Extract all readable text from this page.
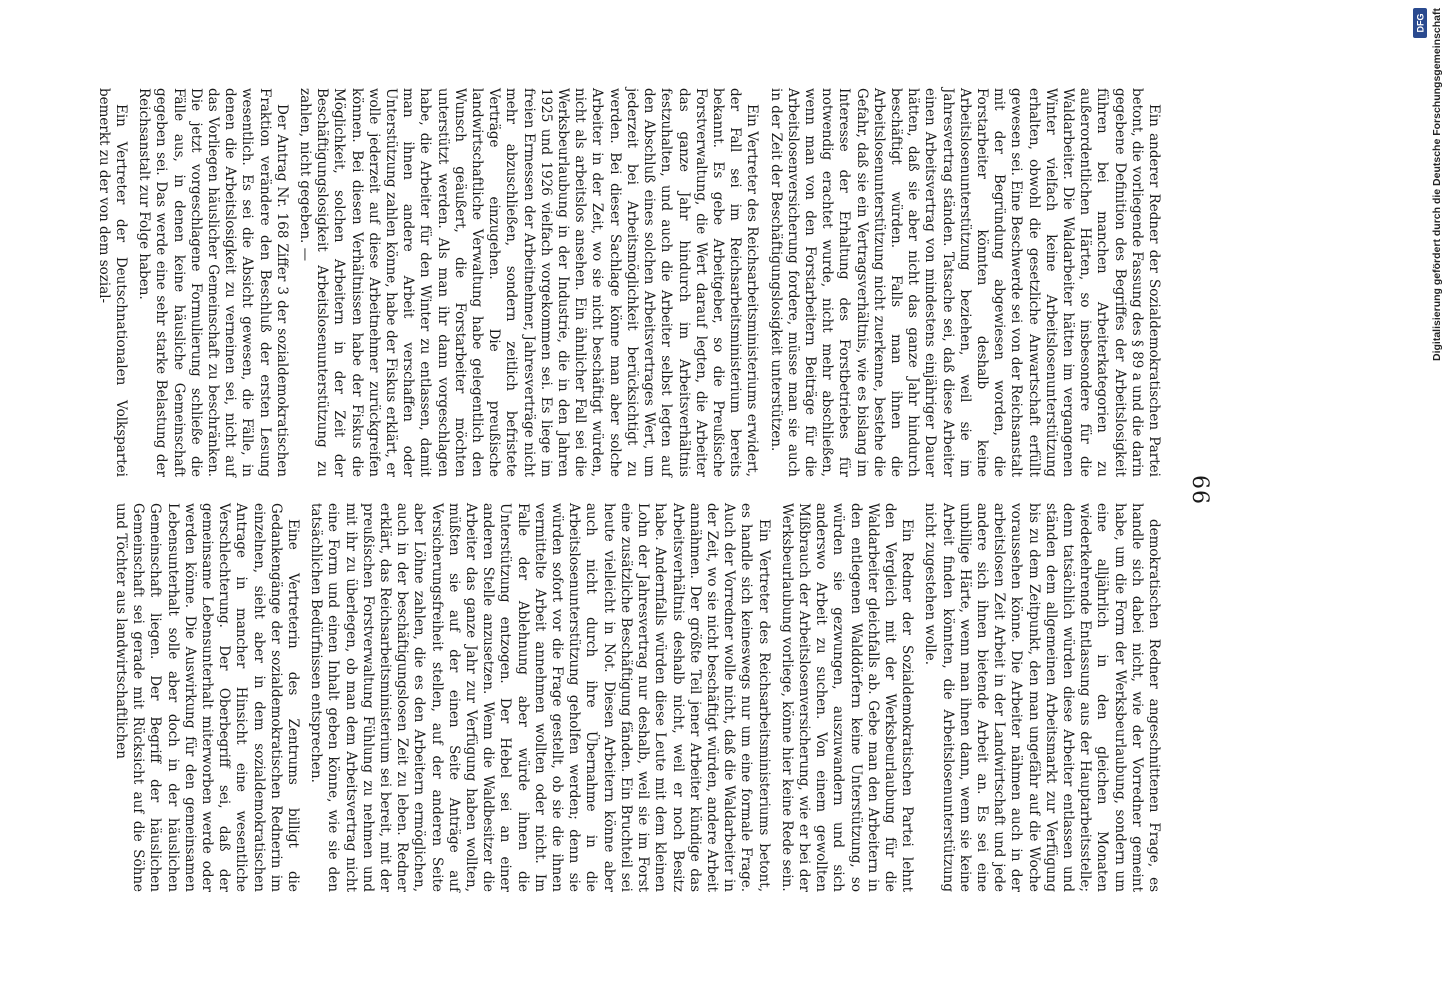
66

Ein anderer Redner der Sozialdemokratischen Partei betont, die vorliegende Fassung des § 89 a und die darin gegebene Definition des Begriffes der Arbeitslosigkeit führen bei manchen Arbeiterkategorien zu außerordentlichen Härten, so insbesondere für die Waldarbeiter. Die Waldarbeiter hätten im vergangenen Winter vielfach keine Arbeitslosenunterstützung erhalten, obwohl die gesetzliche Anwartschaft erfüllt gewesen sei. Eine Beschwerde sei von der Reichsanstalt mit der Begründung abgewiesen worden, die Forstarbeiter könnten deshalb keine Arbeitslosenunterstützung beziehen, weil sie im Jahresvertrag ständen. Tatsache sei, daß diese Arbeiter einen Arbeitsvertrag von mindestens einjähriger Dauer hätten, daß sie aber nicht das ganze Jahr hindurch beschäftigt würden. Falls man ihnen die Arbeitslosenunterstützung nicht zuerkenne, bestehe die Gefahr, daß sie ein Vertragsverhältnis, wie es bislang im Interesse der Erhaltung des Forstbetriebes für notwendig erachtet wurde, nicht mehr abschließen, wenn man von den Forstarbeitern Beiträge für die Arbeitslosenversicherung fordere, müsse man sie auch in der Zeit der Beschäftigungslosigkeit unterstützen.

Ein Vertreter des Reichsarbeitsministeriums erwidert, der Fall sei im Reichsarbeitsministerium bereits bekannt. Es gebe Arbeitgeber, so die Preußische Forstverwaltung, die Wert darauf legten, die Arbeiter das ganze Jahr hindurch im Arbeitsverhältnis festzuhalten, und auch die Arbeiter selbst legten auf den Abschluß eines solchen Arbeitsvertrages Wert, um jederzeit bei Arbeitsmöglichkeit berücksichtigt zu werden. Bei dieser Sachlage könne man aber solche Arbeiter in der Zeit, wo sie nicht beschäftigt würden, nicht als arbeitslos ansehen. Ein ähnlicher Fall sei die Werksbeurlaubung in der Industrie, die in den Jahren 1925 und 1926 vielfach vorgekommen sei. Es liege im freien Ermessen der Arbeitnehmer, Jahresverträge nicht mehr abzuschließen, sondern zeitlich befristete Verträge einzugehen. Die preußische landwirtschaftliche Verwaltung habe gelegentlich den Wunsch geäußert, die Forstarbeiter möchten unterstützt werden. Als man ihr dann vorgeschlagen habe, die Arbeiter für den Winter zu entlassen, damit man ihnen andere Arbeit verschaffen oder Unterstützung zahlen könne, habe der Fiskus erklärt, er wolle jederzeit auf diese Arbeitnehmer zurückgreifen können. Bei diesen Verhältnissen habe der Fiskus die Möglichkeit, solchen Arbeitern in der Zeit der Beschäftigungslosigkeit Arbeitslosenunterstützung zu zahlen, nicht gegeben. —

Der Antrag Nr. 168 Ziffer 3 der sozialdemokratischen Fraktion verändere den Beschluß der ersten Lesung wesentlich. Es sei die Absicht gewesen, die Fälle, in denen die Arbeitslosigkeit zu verneinen sei, nicht auf das Vorliegen häuslicher Gemeinschaft zu beschränken. Die jetzt vorgeschlagene Formulierung schließe die Fälle aus, in denen keine häusliche Gemeinschaft gegeben sei. Das werde eine sehr starke Belastung der Reichsanstalt zur Folge haben.

Ein Vertreter der Deutschnationalen Volkspartei bemerkt zu der von dem sozial-

demokratischen Redner angeschnittenen Frage, es handle sich dabei nicht, wie der Vorredner gemeint habe, um die Form der Werksbeurlaubung, sondern um eine alljährlich in den gleichen Monaten wiederkehrende Entlassung aus der Hauptarbeitsstelle; denn tatsächlich würden diese Arbeiter entlassen und ständen dem allgemeinen Arbeitsmarkt zur Verfügung bis zu dem Zeitpunkt, den man ungefähr auf die Woche voraussehen könne. Die Arbeiter nähmen auch in der arbeitslosen Zeit Arbeit in der Landwirtschaft und jede andere sich ihnen bietende Arbeit an. Es sei eine unbillige Härte, wenn man ihnen dann, wenn sie keine Arbeit finden könnten, die Arbeitslosenunterstützung nicht zugestehen wolle.

Ein Redner der Sozialdemokratischen Partei lehnt den Vergleich mit der Werksbeurlaubung für die Waldarbeiter gleichfalls ab. Gebe man den Arbeitern in den entlegenen Walddörfern keine Unterstützung, so würden sie gezwungen, auszuwandern und sich anderswo Arbeit zu suchen. Von einem gewollten Mißbrauch der Arbeitslosenversicherung, wie er bei der Werksbeurlaubung vorliege, könne hier keine Rede sein.

Ein Vertreter des Reichsarbeitsministeriums betont, es handle sich keineswegs nur um eine formale Frage. Auch der Vorredner wolle nicht, daß die Waldarbeiter in der Zeit, wo sie nicht beschäftigt würden, andere Arbeit annähmen. Der größte Teil jener Arbeiter kündige das Arbeitsverhältnis deshalb nicht, weil er noch Besitz habe. Andernfalls würden diese Leute mit dem kleinen Lohn der Jahresvertrag nur deshalb, weil sie im Forst eine zusätzliche Beschäftigung fänden. Ein Bruchteil sei heute vielleicht in Not. Diesen Arbeitern könne aber auch nicht durch ihre Übernahme in die Arbeitslosenunterstützung geholfen werden; denn sie würden sofort vor die Frage gestellt, ob sie die ihnen vermittelte Arbeit annehmen wollten oder nicht. Im Falle der Ablehnung aber würde ihnen die Unterstützung entzogen. Der Hebel sei an einer anderen Stelle anzusetzen. Wenn die Waldbesitzer die Arbeiter das ganze Jahr zur Verfügung haben wollten, müßten sie auf der einen Seite Anträge auf Versicherungsfreiheit stellen, auf der anderen Seite aber Löhne zahlen, die es den Arbeitern ermöglichen, auch in der beschäftigungslosen Zeit zu leben. Redner erklärt, das Reichsarbeitsministerium sei bereit, mit der preußischen Forstverwaltung Fühlung zu nehmen und mit ihr zu überlegen, ob man dem Arbeitsvertrag nicht eine Form und einen Inhalt geben könne, wie sie den tatsächlichen Bedürfnissen entsprechen.

Eine Vertreterin des Zentrums billigt die Gedankengänge der sozialdemokratischen Rednerin im einzelnen, sieht aber in dem sozialdemokratischen Antrage in mancher Hinsicht eine wesentliche Verschlechterung. Der Oberbegriff sei, daß der gemeinsame Lebensunterhalt miterworben werde oder werden könne. Die Auswirkung für den gemeinsamen Lebensunterhalt solle aber doch in der häuslichen Gemeinschaft liegen. Der Begriff der häuslichen Gemeinschaft sei gerade mit Rücksicht auf die Söhne und Töchter aus landwirtschaftlichen

DFG Digitalisierung gefördert durch die Deutsche Forschungsgemeinschaft
